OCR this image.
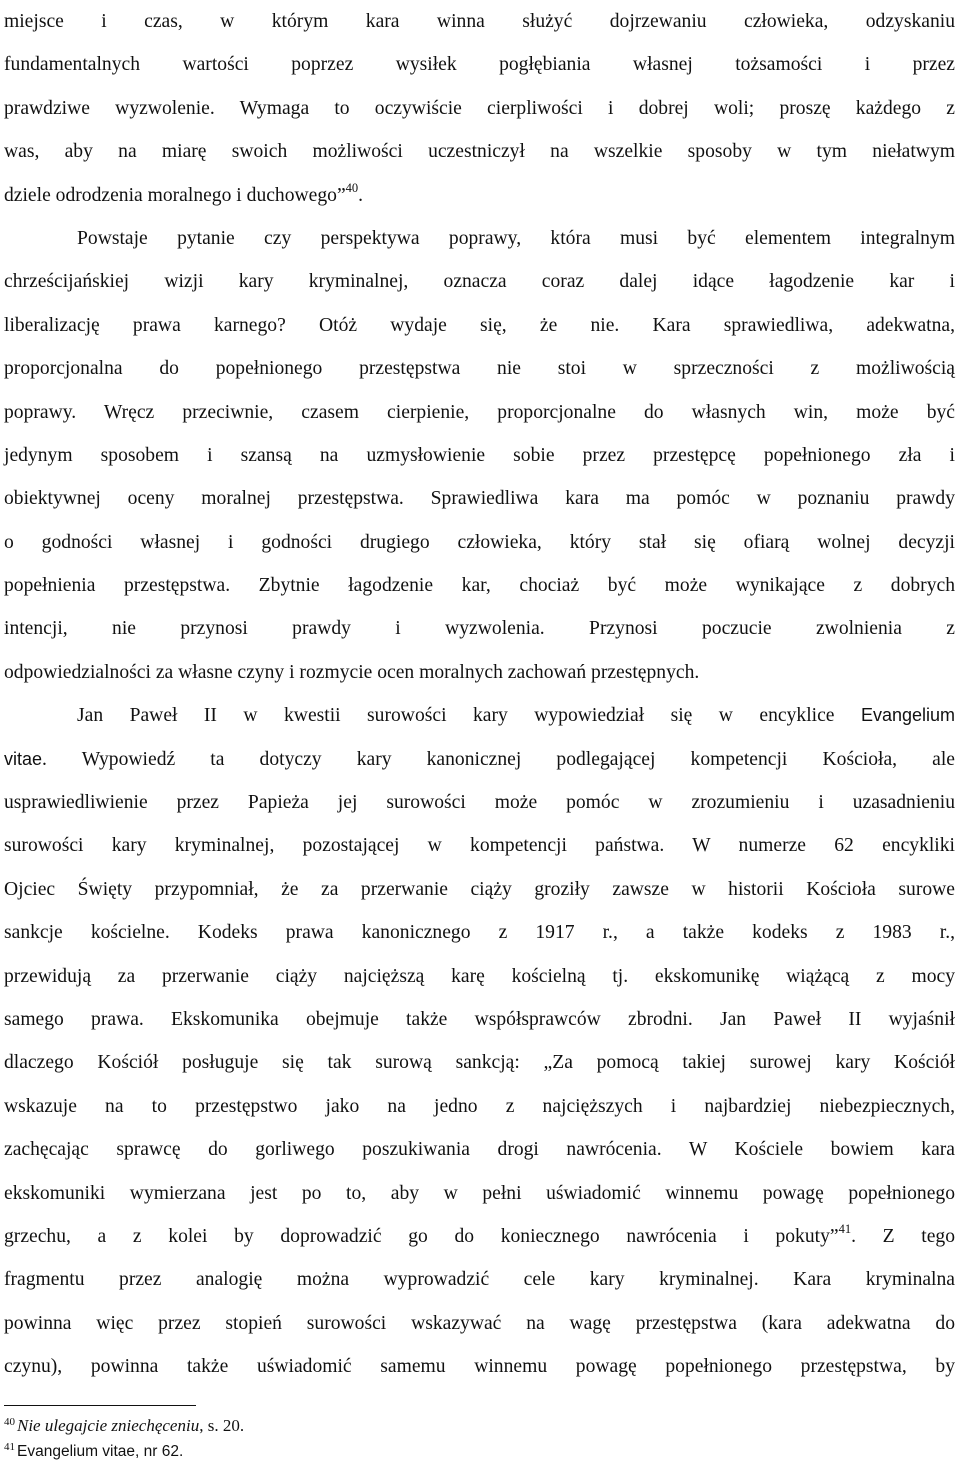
miejsce i czas, w którym kara winna służyć dojrzewaniu człowieka, odzyskaniu
fundamentalnych wartości poprzez wysiłek pogłębiania własnej tożsamości i przez
prawdziwe wyzwolenie. Wymaga to oczywiście cierpliwości i dobrej woli; proszę każdego z
was, aby na miarę swoich możliwości uczestniczył na wszelkie sposoby w tym niełatwym
dziele odrodzenia moralnego i duchowego”$^{40}$.
Powstaje pytanie czy perspektywa poprawy, która musi być elementem integralnym
chrześcijańskiej wizji kary kryminalnej, oznacza coraz dalej idące łagodzenie kar i
liberalizację prawa karnego? Otóż wydaje się, że nie. Kara sprawiedliwa, adekwatna,
proporcjonalna do popełnionego przestępstwa nie stoi w sprzeczności z możliwością
poprawy. Wręcz przeciwnie, czasem cierpienie, proporcjonalne do własnych win, może być
jedynym sposobem i szansą na uzmysłowienie sobie przez przestępcę popełnionego zła i
obiektywnej oceny moralnej przestępstwa. Sprawiedliwa kara ma pomóc w poznaniu prawdy
o godności własnej i godności drugiego człowieka, który stał się ofiarą wolnej decyzji
popełnienia przestępstwa. Zbytnie łagodzenie kar, chociaż być może wynikające z dobrych
intencji, nie przynosi prawdy i wyzwolenia. Przynosi poczucie zwolnienia z
odpowiedzialności za własne czyny i rozmycie ocen moralnych zachowań przestępnych.
Jan Paweł II w kwestii surowości kary wypowiedział się w encyklice Evangelium
vitae. Wypowiedź ta dotyczy kary kanonicznej podlegającej kompetencji Kościoła, ale
usprawiedliwienie przez Papieża jej surowości może pomóc w zrozumieniu i uzasadnieniu
surowości kary kryminalnej, pozostającej w kompetencji państwa. W numerze 62 encykliki
Ojciec Święty przypomniał, że za przerwanie ciąży groziły zawsze w historii Kościoła surowe
sankcje kościelne. Kodeks prawa kanonicznego z 1917 r., a także kodeks z 1983 r.,
przewidują za przerwanie ciąży najcięższą karę kościelną tj. ekskomunikę wiążącą z mocy
samego prawa. Ekskomunika obejmuje także współsprawców zbrodni. Jan Paweł II wyjaśnił
dlaczego Kościół posługuje się tak surową sankcją: „Za pomocą takiej surowej kary Kościół
wskazuje na to przestępstwo jako na jedno z najcięższych i najbardziej niebezpiecznych,
zachęcając sprawcę do gorliwego poszukiwania drogi nawrócenia. W Kościele bowiem kara
ekskomuniki wymierzana jest po to, aby w pełni uświadomić winnemu powagę popełnionego
grzechu, a z kolei by doprowadzić go do koniecznego nawrócenia i pokuty”$^{41}$. Z tego
fragmentu przez analogię można wyprowadzić cele kary kryminalnej. Kara kryminalna
powinna więc przez stopień surowości wskazywać na wagę przestępstwa (kara adekwatna do
czynu), powinna także uświadomić samemu winnemu powagę popełnionego przestępstwa, by
$^{40}$ Nie ulegajcie zniechęceniu, s. 20.
$^{41}$ Evangelium vitae, nr 62.
